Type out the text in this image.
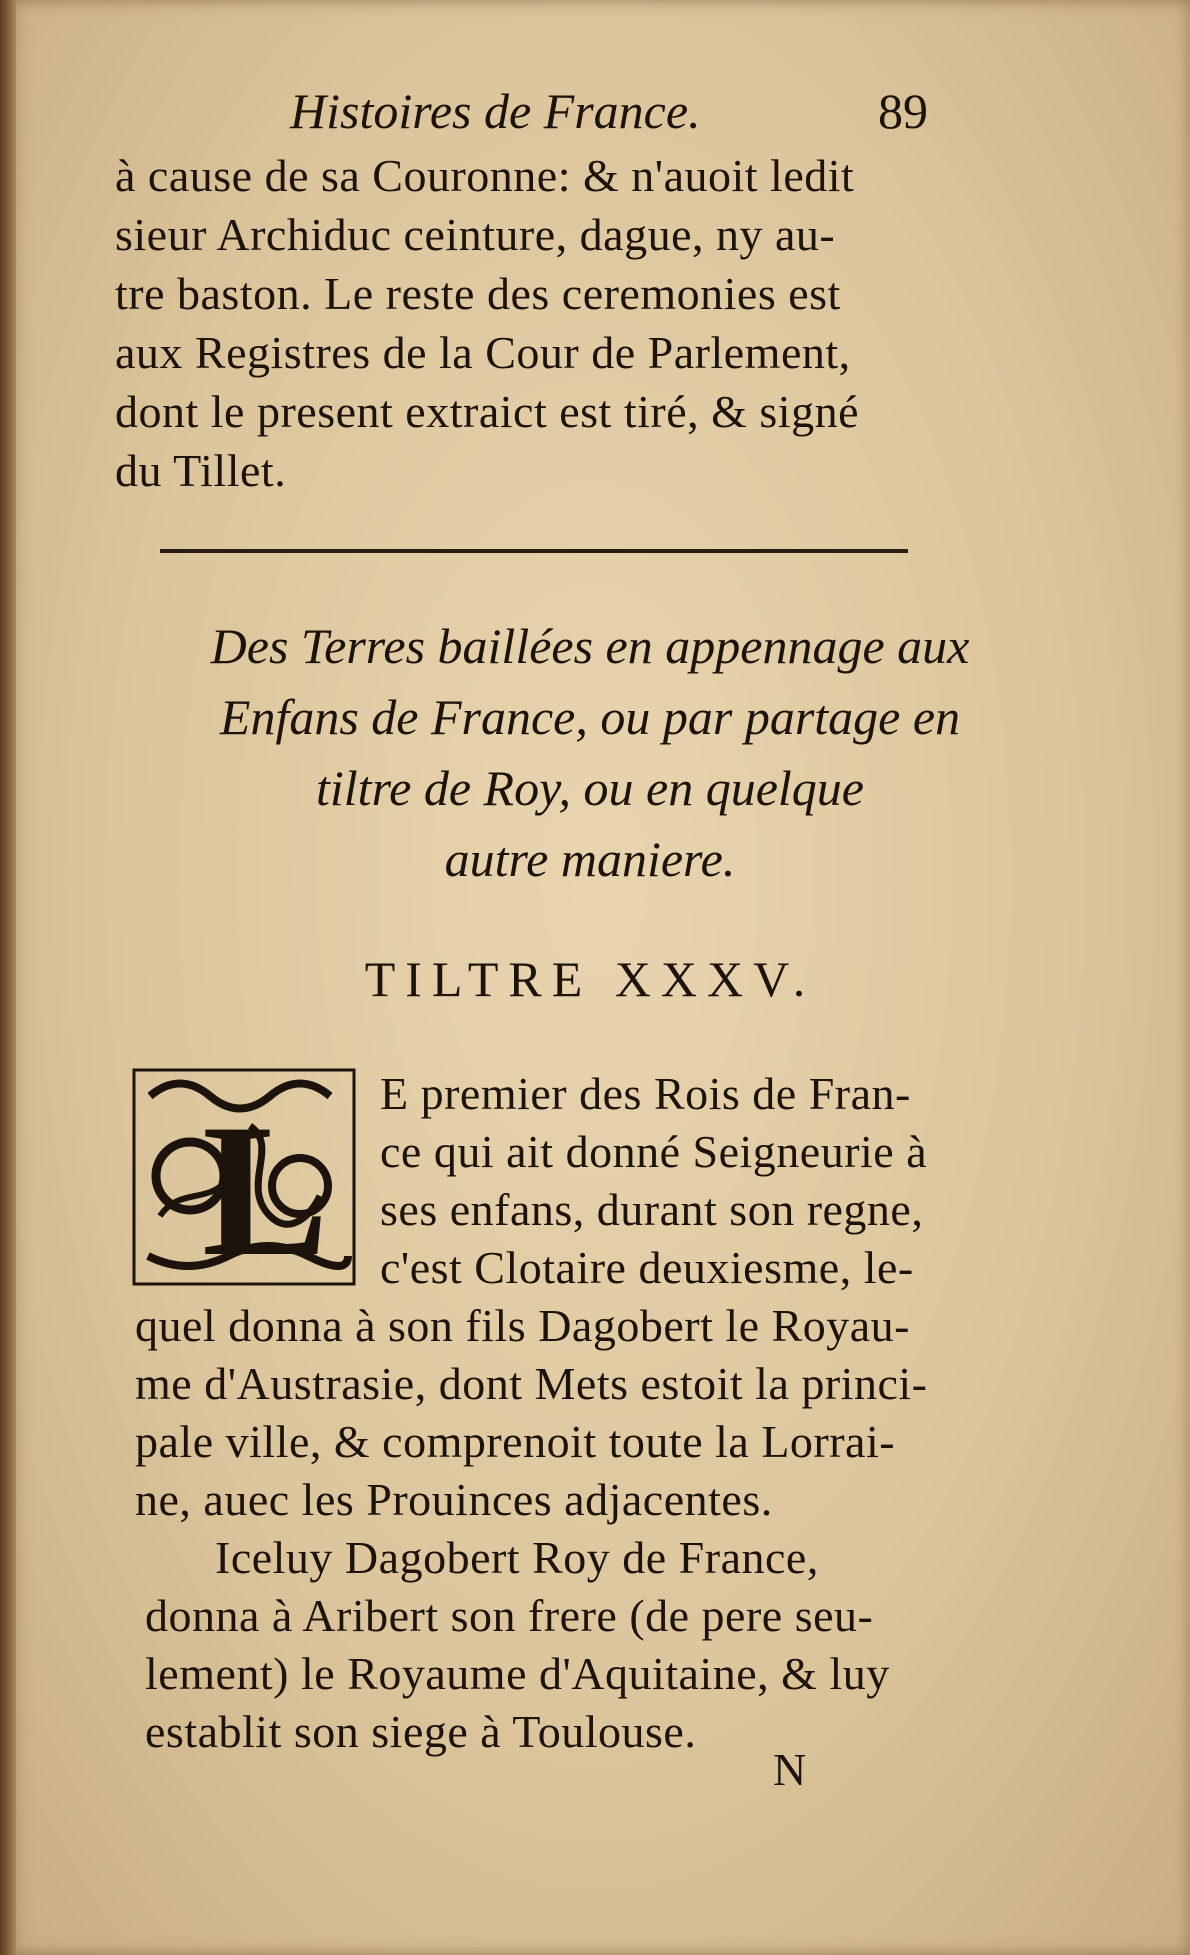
Histoires de France.	89
à cause de sa Couronne: & n'auoit ledit
sieur Archiduc ceinture, dague, ny au-
tre baston. Le reste des ceremonies est
aux Registres de la Cour de Parlement,
dont le present extraict est tiré, & signé
du Tillet.
Des Terres baillées en appennage aux
Enfans de France, ou par partage en
tiltre de Roy, ou en quelque
autre maniere.
TILTRE XXXV.
L E premier des Rois de Fran-
ce qui ait donné Seigneurie à
ses enfans, durant son regne,
c'est Clotaire deuxiesme, le-
quel donna à son fils Dagobert le Royau-
me d'Austrasie, dont Mets estoit la princi-
pale ville, & comprenoit toute la Lorrai-
ne, auec les Prouinces adjacentes.
Iceluy Dagobert Roy de France,
donna à Aribert son frere (de pere seu-
lement) le Royaume d'Aquitaine, & luy
establit son siege à Toulouse.
N
